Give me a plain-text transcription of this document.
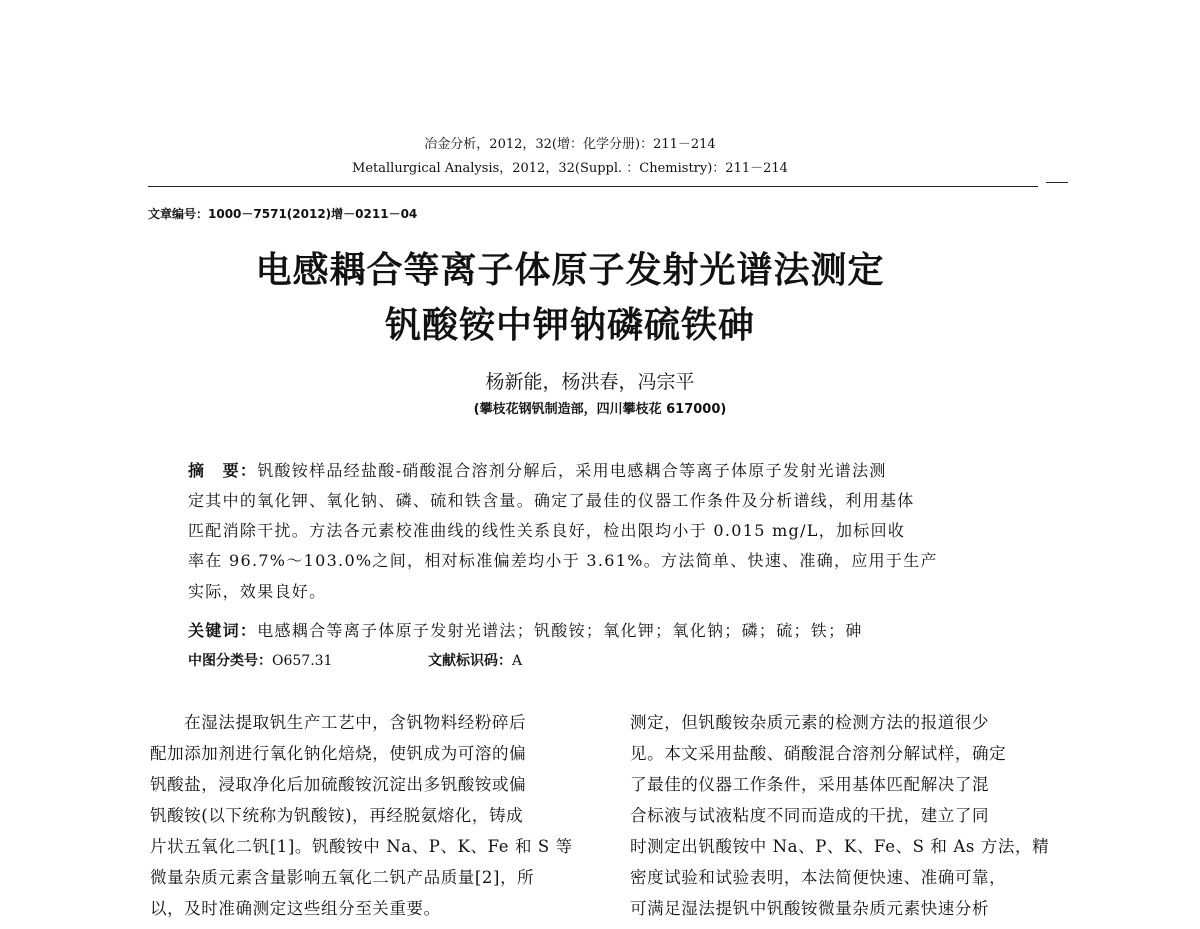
冶金分析，2012，32(增：化学分册)：211－214
Metallurgical Analysis，2012，32(Suppl. ：Chemistry)：211－214
文章编号：1000－7571(2012)增－0211－04
电感耦合等离子体原子发射光谱法测定
钒酸铵中钾钠磷硫铁砷
杨新能，杨洪春，冯宗平
(攀枝花钢钒制造部，四川攀枝花 617000)
摘　要：钒酸铵样品经盐酸-硝酸混合溶剂分解后，采用电感耦合等离子体原子发射光谱法测
定其中的氧化钾、氧化钠、磷、硫和铁含量。确定了最佳的仪器工作条件及分析谱线，利用基体
匹配消除干扰。方法各元素校准曲线的线性关系良好，检出限均小于 0.015 mg/L，加标回收
率在 96.7%～103.0%之间，相对标准偏差均小于 3.61%。方法简单、快速、准确，应用于生产
实际，效果良好。
关键词：电感耦合等离子体原子发射光谱法；钒酸铵；氧化钾；氧化钠；磷；硫；铁；砷
中图分类号：O657.31	文献标识码：A
　　在湿法提取钒生产工艺中，含钒物料经粉碎后
配加添加剂进行氧化钠化焙烧，使钒成为可溶的偏
钒酸盐，浸取净化后加硫酸铵沉淀出多钒酸铵或偏
钒酸铵(以下统称为钒酸铵)，再经脱氨熔化，铸成
片状五氧化二钒[1]。钒酸铵中 Na、P、K、Fe 和 S 等
微量杂质元素含量影响五氧化二钒产品质量[2]，所
以，及时准确测定这些组分至关重要。
测定，但钒酸铵杂质元素的检测方法的报道很少
见。本文采用盐酸、硝酸混合溶剂分解试样，确定
了最佳的仪器工作条件，采用基体匹配解决了混
合标液与试液粘度不同而造成的干扰，建立了同
时测定出钒酸铵中 Na、P、K、Fe、S 和 As 方法，精
密度试验和试验表明，本法简便快速、准确可靠，
可满足湿法提钒中钒酸铵微量杂质元素快速分析
